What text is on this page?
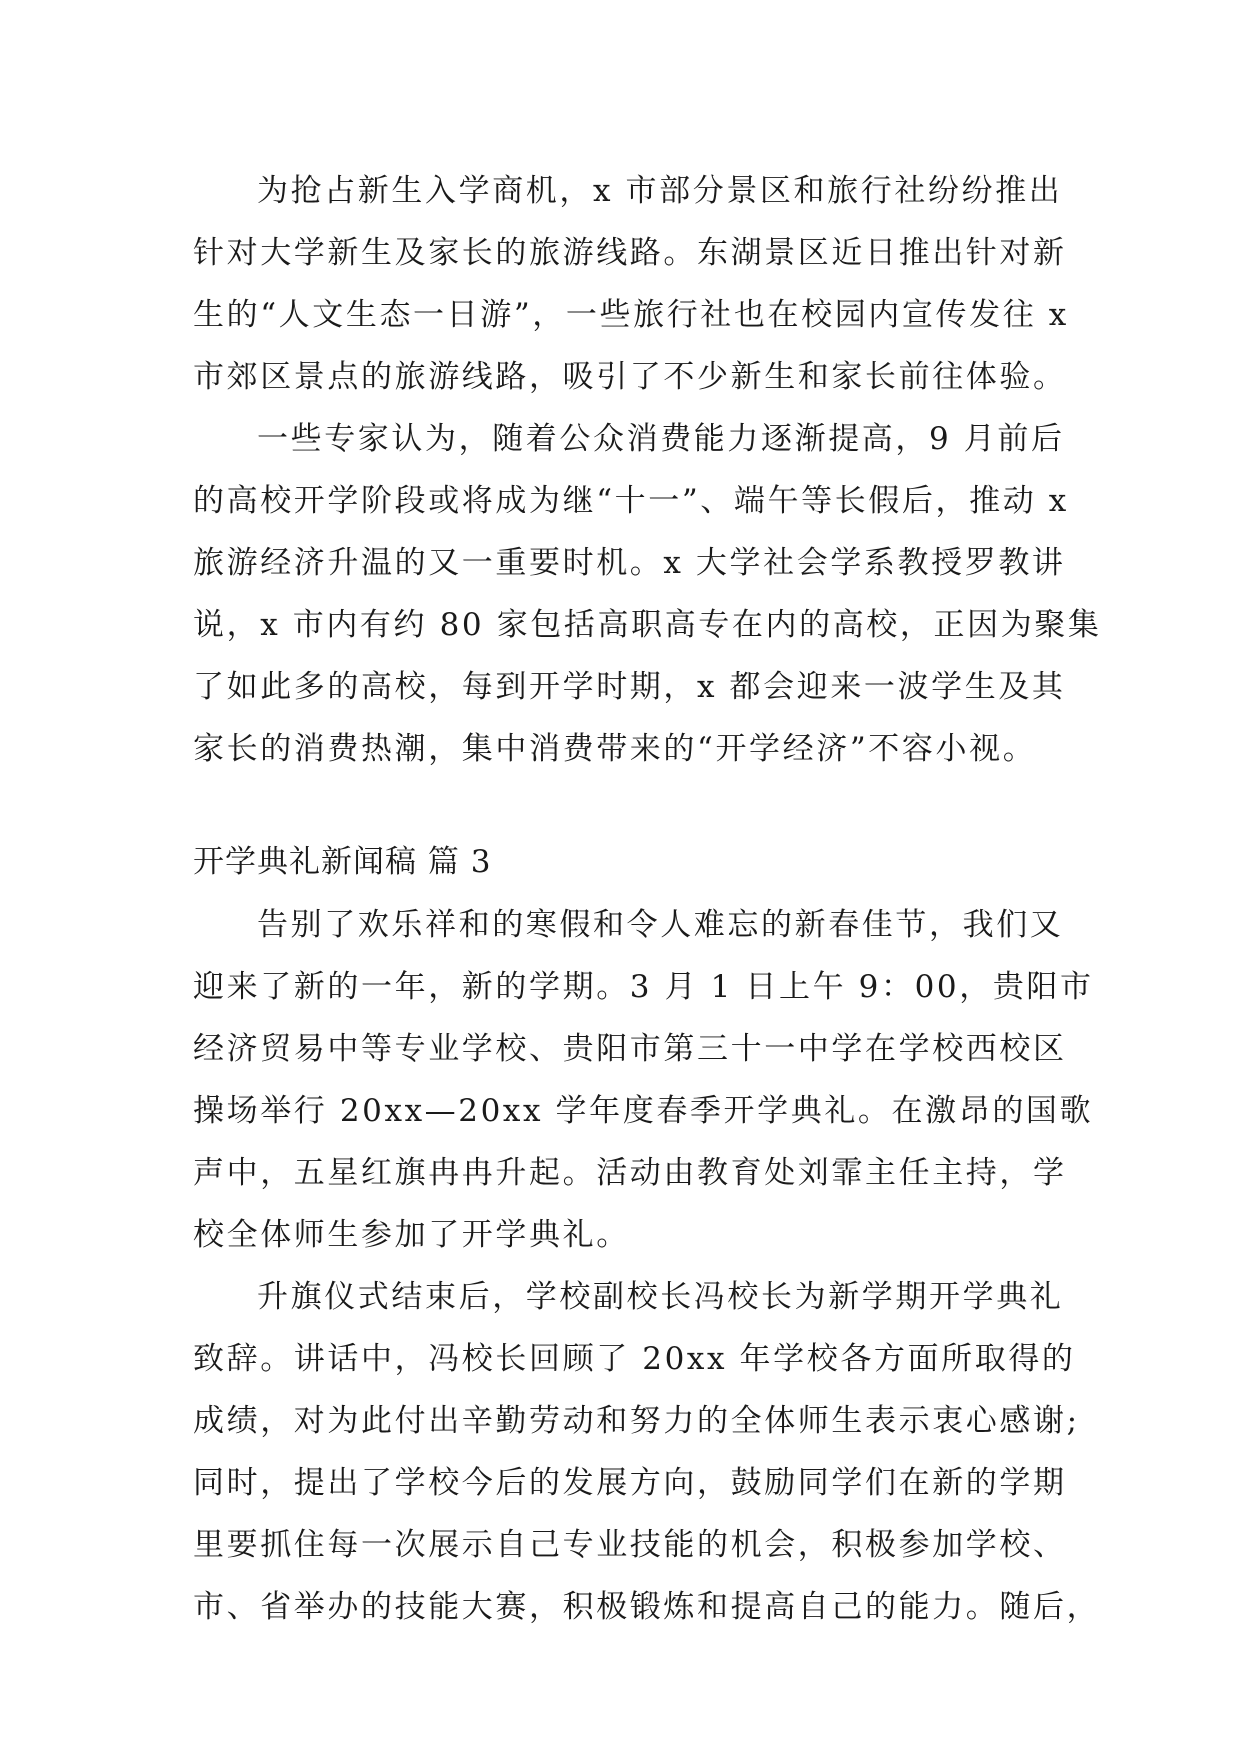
为抢占新生入学商机，x 市部分景区和旅行社纷纷推出
针对大学新生及家长的旅游线路。东湖景区近日推出针对新
生的“人文生态一日游”，一些旅行社也在校园内宣传发往 x
市郊区景点的旅游线路，吸引了不少新生和家长前往体验。
一些专家认为，随着公众消费能力逐渐提高，9 月前后
的高校开学阶段或将成为继“十一”、端午等长假后，推动 x
旅游经济升温的又一重要时机。x 大学社会学系教授罗教讲
说，x 市内有约 80 家包括高职高专在内的高校，正因为聚集
了如此多的高校，每到开学时期，x 都会迎来一波学生及其
家长的消费热潮，集中消费带来的“开学经济”不容小视。
开学典礼新闻稿 篇 3
告别了欢乐祥和的寒假和令人难忘的新春佳节，我们又
迎来了新的一年，新的学期。3 月 1 日上午 9：00，贵阳市
经济贸易中等专业学校、贵阳市第三十一中学在学校西校区
操场举行 20xx—20xx 学年度春季开学典礼。在激昂的国歌
声中，五星红旗冉冉升起。活动由教育处刘霏主任主持，学
校全体师生参加了开学典礼。
升旗仪式结束后，学校副校长冯校长为新学期开学典礼
致辞。讲话中，冯校长回顾了 20xx 年学校各方面所取得的
成绩，对为此付出辛勤劳动和努力的全体师生表示衷心感谢;
同时，提出了学校今后的发展方向，鼓励同学们在新的学期
里要抓住每一次展示自己专业技能的机会，积极参加学校、
市、省举办的技能大赛，积极锻炼和提高自己的能力。随后，
